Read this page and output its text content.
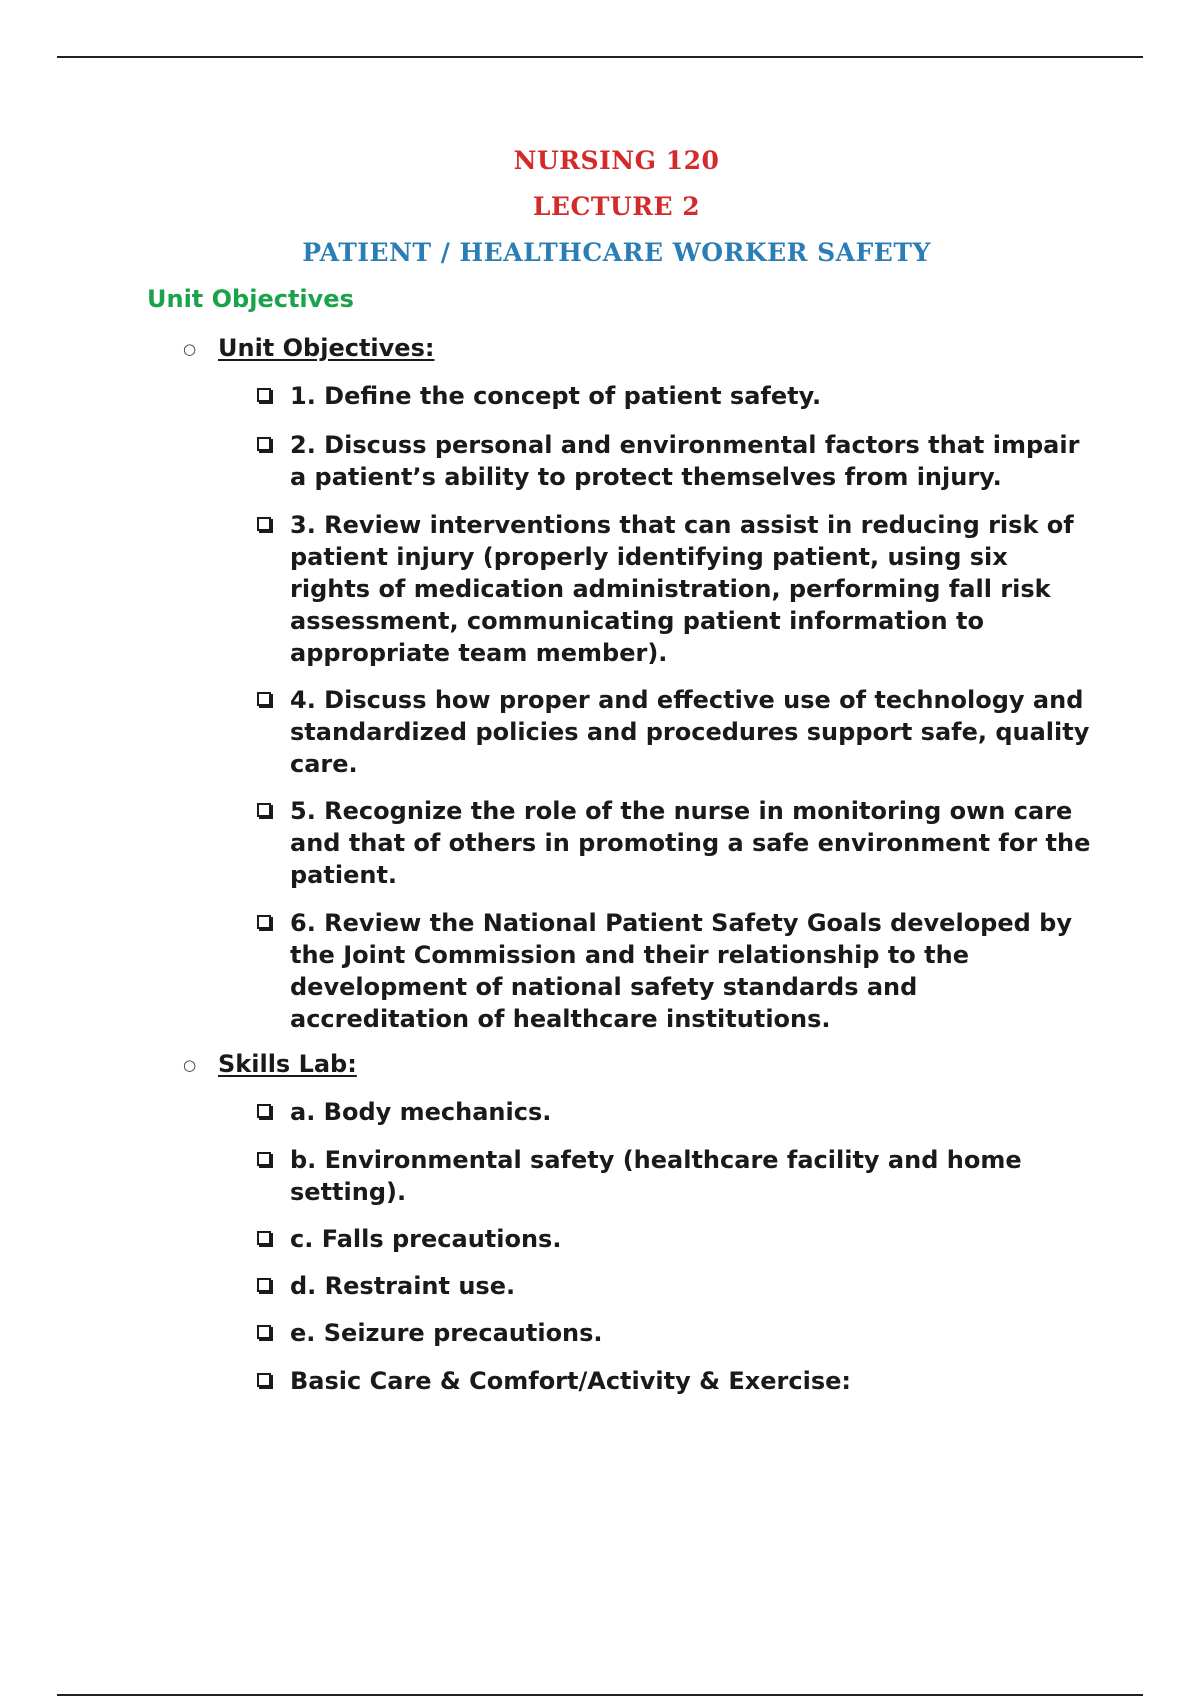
NURSING 120
LECTURE 2
PATIENT / HEALTHCARE WORKER SAFETY
Unit Objectives
○ Unit Objectives:
1. Define the concept of patient safety.
2. Discuss personal and environmental factors that impair a patient’s ability to protect themselves from injury.
3. Review interventions that can assist in reducing risk of patient injury (properly identifying patient, using six rights of medication administration, performing fall risk assessment, communicating patient information to appropriate team member).
4. Discuss how proper and effective use of technology and standardized policies and procedures support safe, quality care.
5. Recognize the role of the nurse in monitoring own care and that of others in promoting a safe environment for the patient.
6. Review the National Patient Safety Goals developed by the Joint Commission and their relationship to the development of national safety standards and accreditation of healthcare institutions.
○ Skills Lab:
a. Body mechanics.
b. Environmental safety (healthcare facility and home setting).
c. Falls precautions.
d. Restraint use.
e. Seizure precautions.
Basic Care & Comfort/Activity & Exercise:
